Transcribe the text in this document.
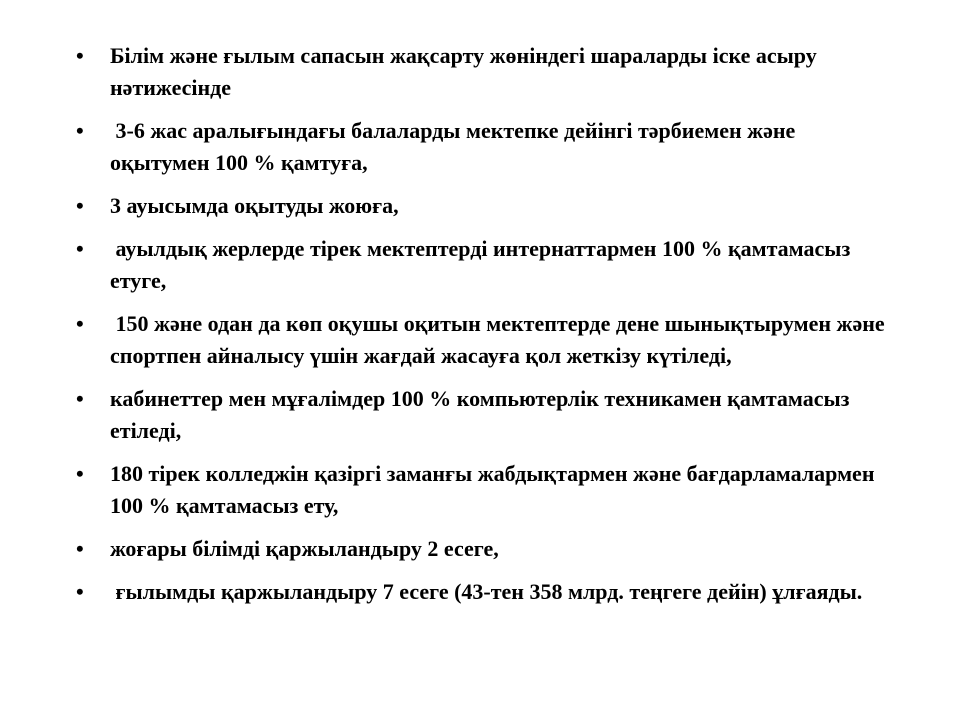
• Білім және ғылым сапасын жақсарту жөніндегі шараларды іске асыру нәтижесінде
• 3-6 жас аралығындағы балаларды мектепке дейінгі тәрбиемен және оқытумен 100 % қамтуға,
• 3 ауысымда оқытуды жоюға,
• ауылдық жерлерде тірек мектептерді интернаттармен 100 % қамтамасыз етуге,
• 150 және одан да көп оқушы оқитын мектептерде дене шынықтырумен және спортпен айналысу үшін жағдай жасауға қол жеткізу күтіледі,
• кабинеттер мен мұғалімдер 100 % компьютерлік техникамен қамтамасыз етіледі,
• 180 тірек колледжін қазіргі заманғы жабдықтармен және бағдарламалармен 100 % қамтамасыз ету,
• жоғары білімді қаржыландыру 2 есеге,
• ғылымды қаржыландыру 7 есеге (43-тен 358 млрд. теңгеге дейін) ұлғаяды.
